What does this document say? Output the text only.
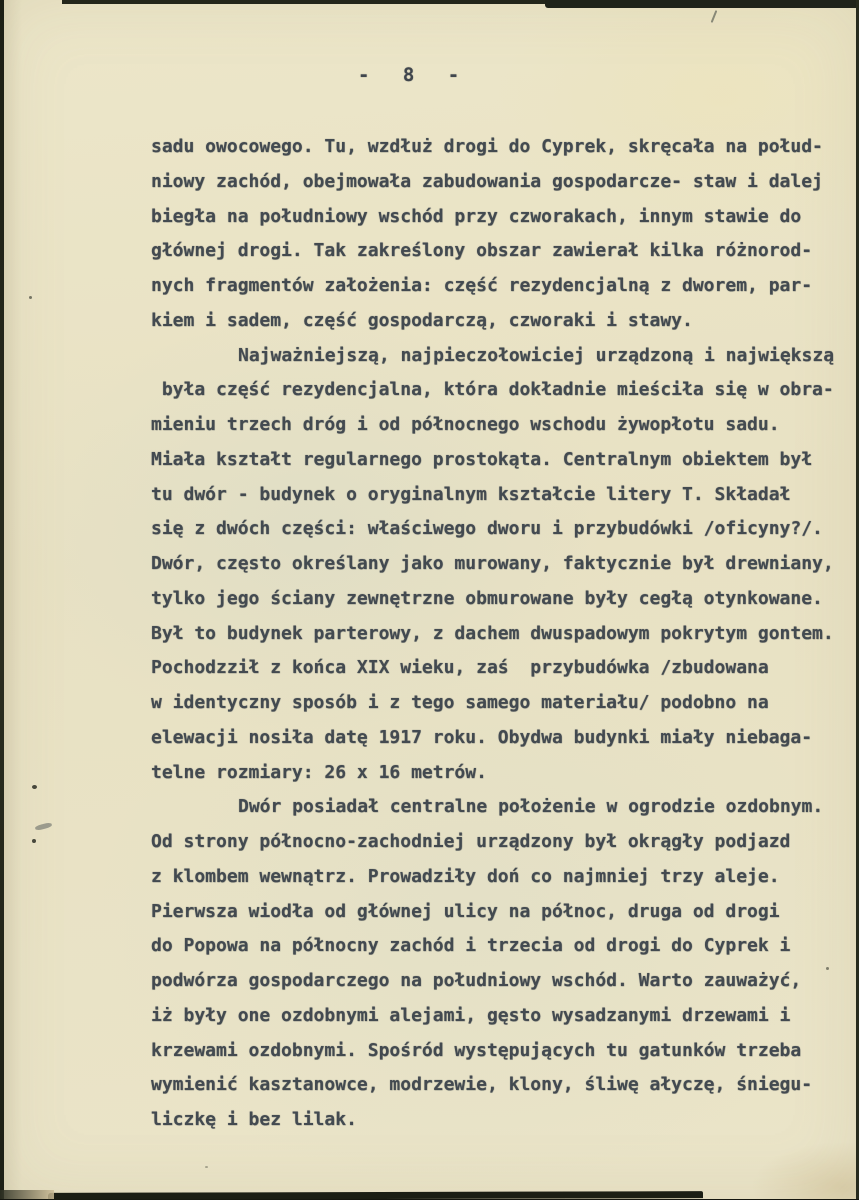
- 8 -
sadu owocowego. Tu, wzdłuż drogi do Cyprek, skręcała na połud-
niowy zachód, obejmowała zabudowania gospodarcze- staw i dalej
biegła na południowy wschód przy czworakach, innym stawie do
głównej drogi. Tak zakreślony obszar zawierał kilka różnorod-
nych fragmentów założenia: część rezydencjalną z dworem, par-
kiem i sadem, część gospodarczą, czworaki i stawy.
Najważniejszą, najpieczołowiciej urządzoną i największą
była część rezydencjalna, która dokładnie mieściła się w obra-
mieniu trzech dróg i od północnego wschodu żywopłotu sadu.
Miała kształt regularnego prostokąta. Centralnym obiektem był
tu dwór - budynek o oryginalnym kształcie litery T. Składał
się z dwóch części: właściwego dworu i przybudówki /oficyny?/.
Dwór, często określany jako murowany, faktycznie był drewniany,
tylko jego ściany zewnętrzne obmurowane były cegłą otynkowane.
Był to budynek parterowy, z dachem dwuspadowym pokrytym gontem.
Pochodzził z końca XIX wieku, zaś  przybudówka /zbudowana
w identyczny sposób i z tego samego materiału/ podobno na
elewacji nosiła datę 1917 roku. Obydwa budynki miały niebaga-
telne rozmiary: 26 x 16 metrów.
Dwór posiadał centralne położenie w ogrodzie ozdobnym.
Od strony północno-zachodniej urządzony był okrągły podjazd
z klombem wewnątrz. Prowadziły doń co najmniej trzy aleje.
Pierwsza wiodła od głównej ulicy na północ, druga od drogi
do Popowa na północny zachód i trzecia od drogi do Cyprek i
podwórza gospodarczego na południowy wschód. Warto zauważyć,
iż były one ozdobnymi alejami, gęsto wysadzanymi drzewami i
krzewami ozdobnymi. Spośród występujących tu gatunków trzeba
wymienić kasztanowce, modrzewie, klony, śliwę ałyczę, śniegu-
liczkę i bez lilak.
